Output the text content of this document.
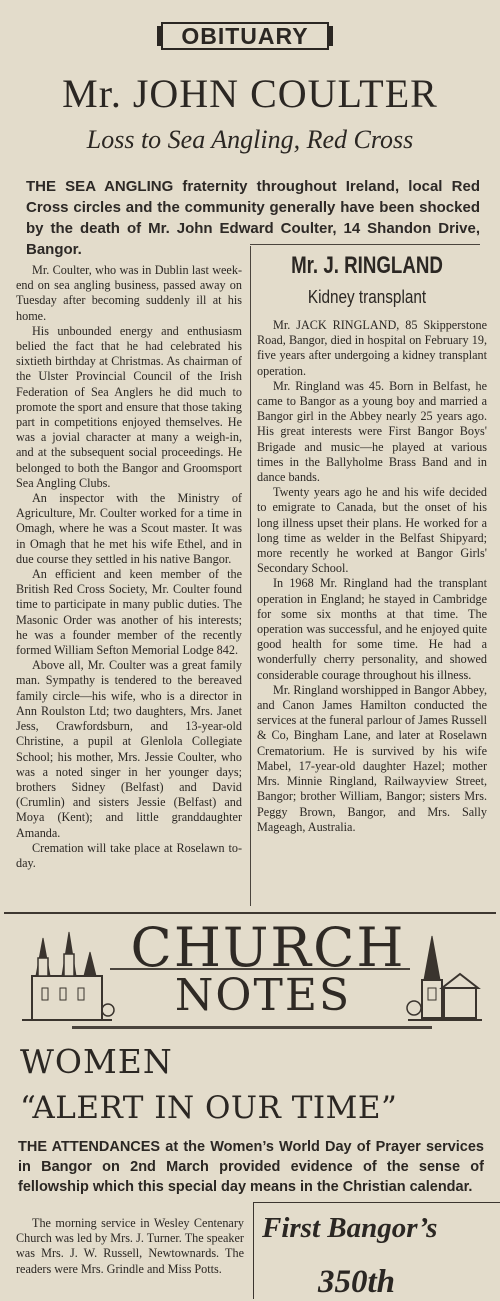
OBITUARY
Mr. JOHN COULTER
Loss to Sea Angling, Red Cross
THE SEA ANGLING fraternity throughout Ireland, local Red Cross circles and the community generally have been shocked by the death of Mr. John Edward Coulter, 14 Shandon Drive, Bangor.

Mr. Coulter, who was in Dublin last week-end on sea angling business, passed away on Tuesday after becoming suddenly ill at his home.

His unbounded energy and enthusiasm belied the fact that he had celebrated his sixtieth birthday at Christmas. As chairman of the Ulster Provincial Council of the Irish Federation of Sea Anglers he did much to promote the sport and ensure that those taking part in competitions enjoyed themselves. He was a jovial character at many a weigh-in, and at the subsequent social proceedings. He belonged to both the Bangor and Groomsport Sea Angling Clubs.

An inspector with the Ministry of Agriculture, Mr. Coulter worked for a time in Omagh, where he was a Scout master. It was in Omagh that he met his wife Ethel, and in due course they settled in his native Bangor.

An efficient and keen member of the British Red Cross Society, Mr. Coulter found time to participate in many public duties. The Masonic Order was another of his interests; he was a founder member of the recently formed William Sefton Memorial Lodge 842.

Above all, Mr. Coulter was a great family man. Sympathy is tendered to the bereaved family circle—his wife, who is a director in Ann Roulston Ltd; two daughters, Mrs. Janet Jess, Crawfordsburn, and 13-year-old Christine, a pupil at Glenlola Collegiate School; his mother, Mrs. Jessie Coulter, who was a noted singer in her younger days; brothers Sidney (Belfast) and David (Crumlin) and sisters Jessie (Belfast) and Moya (Kent); and little granddaughter Amanda.

Cremation will take place at Roselawn to-day.

Mr. J. RINGLAND
Kidney transplant

Mr. JACK RINGLAND, 85 Skipperstone Road, Bangor, died in hospital on February 19, five years after undergoing a kidney transplant operation.

Mr. Ringland was 45. Born in Belfast, he came to Bangor as a young boy and married a Bangor girl in the Abbey nearly 25 years ago. His great interests were First Bangor Boys' Brigade and music—he played at various times in the Ballyholme Brass Band and in dance bands.

Twenty years ago he and his wife decided to emigrate to Canada, but the onset of his long illness upset their plans. He worked for a long time as welder in the Belfast Shipyard; more recently he worked at Bangor Girls' Secondary School.

In 1968 Mr. Ringland had the transplant operation in England; he stayed in Cambridge for some six months at that time. The operation was successful, and he enjoyed quite good health for some time. He had a wonderfully cherry personality, and showed considerable courage throughout his illness.

Mr. Ringland worshipped in Bangor Abbey, and Canon James Hamilton conducted the services at the funeral parlour of James Russell & Co, Bingham Lane, and later at Roselawn Crematorium. He is survived by his wife Mabel, 17-year-old daughter Hazel; mother Mrs. Minnie Ringland, Railwayview Street, Bangor; brother William, Bangor; sisters Mrs. Peggy Brown, Bangor, and Mrs. Sally Mageagh, Australia.

CHURCH
NOTES
WOMEN
“ALERT IN OUR TIME”
THE ATTENDANCES at the Women’s World Day of Prayer services in Bangor on 2nd March provided evidence of the sense of fellowship which this special day means in the Christian calendar.

The morning service in Wesley Centenary Church was led by Mrs. J. Turner. The speaker was Mrs. J. W. Russell, Newtownards. The readers were Mrs. Grindle and Miss Potts.

First Bangor’s
350th
